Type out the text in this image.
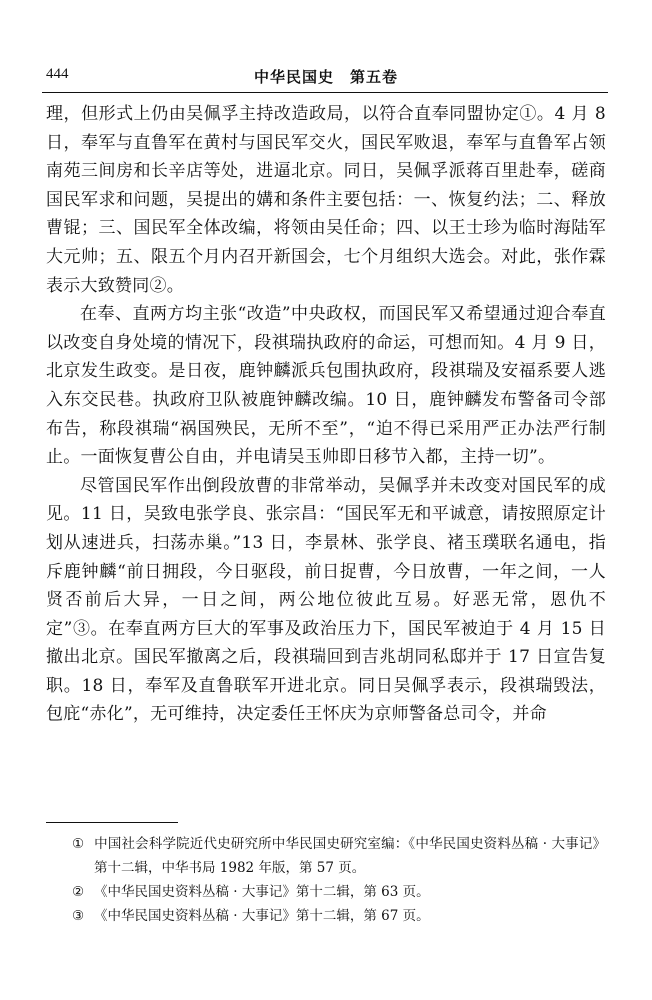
444	中华民国史　第五卷

理，但形式上仍由吴佩孚主持改造政局，以符合直奉同盟协定①。4 月 8 日，奉军与直鲁军在黄村与国民军交火，国民军败退，奉军与直鲁军占领南苑三间房和长辛店等处，进逼北京。同日，吴佩孚派蒋百里赴奉，磋商国民军求和问题，吴提出的媾和条件主要包括：一、恢复约法；二、释放曹锟；三、国民军全体改编，将领由吴任命；四、以王士珍为临时海陆军大元帅；五、限五个月内召开新国会，七个月组织大选会。对此，张作霖表示大致赞同②。

在奉、直两方均主张“改造”中央政权，而国民军又希望通过迎合奉直以改变自身处境的情况下，段祺瑞执政府的命运，可想而知。4 月 9 日，北京发生政变。是日夜，鹿钟麟派兵包围执政府，段祺瑞及安福系要人逃入东交民巷。执政府卫队被鹿钟麟改编。10 日，鹿钟麟发布警备司令部布告，称段祺瑞“祸国殃民，无所不至”，“迫不得已采用严正办法严行制止。一面恢复曹公自由，并电请吴玉帅即日移节入都，主持一切”。

尽管国民军作出倒段放曹的非常举动，吴佩孚并未改变对国民军的成见。11 日，吴致电张学良、张宗昌：“国民军无和平诚意，请按照原定计划从速进兵，扫荡赤巢。”13 日，李景林、张学良、褚玉璞联名通电，指斥鹿钟麟“前日拥段，今日驱段，前日捉曹，今日放曹，一年之间，一人贤否前后大异，一日之间，两公地位彼此互易。好恶无常，恩仇不定”③。在奉直两方巨大的军事及政治压力下，国民军被迫于 4 月 15 日撤出北京。国民军撤离之后，段祺瑞回到吉兆胡同私邸并于 17 日宣告复职。18 日，奉军及直鲁联军开进北京。同日吴佩孚表示，段祺瑞毁法，包庇“赤化”，无可维持，决定委任王怀庆为京师警备总司令，并命

① 中国社会科学院近代史研究所中华民国史研究室编：《中华民国史资料丛稿 · 大事记》第十二辑，中华书局 1982 年版，第 57 页。

② 《中华民国史资料丛稿 · 大事记》第十二辑，第 63 页。

③ 《中华民国史资料丛稿 · 大事记》第十二辑，第 67 页。
